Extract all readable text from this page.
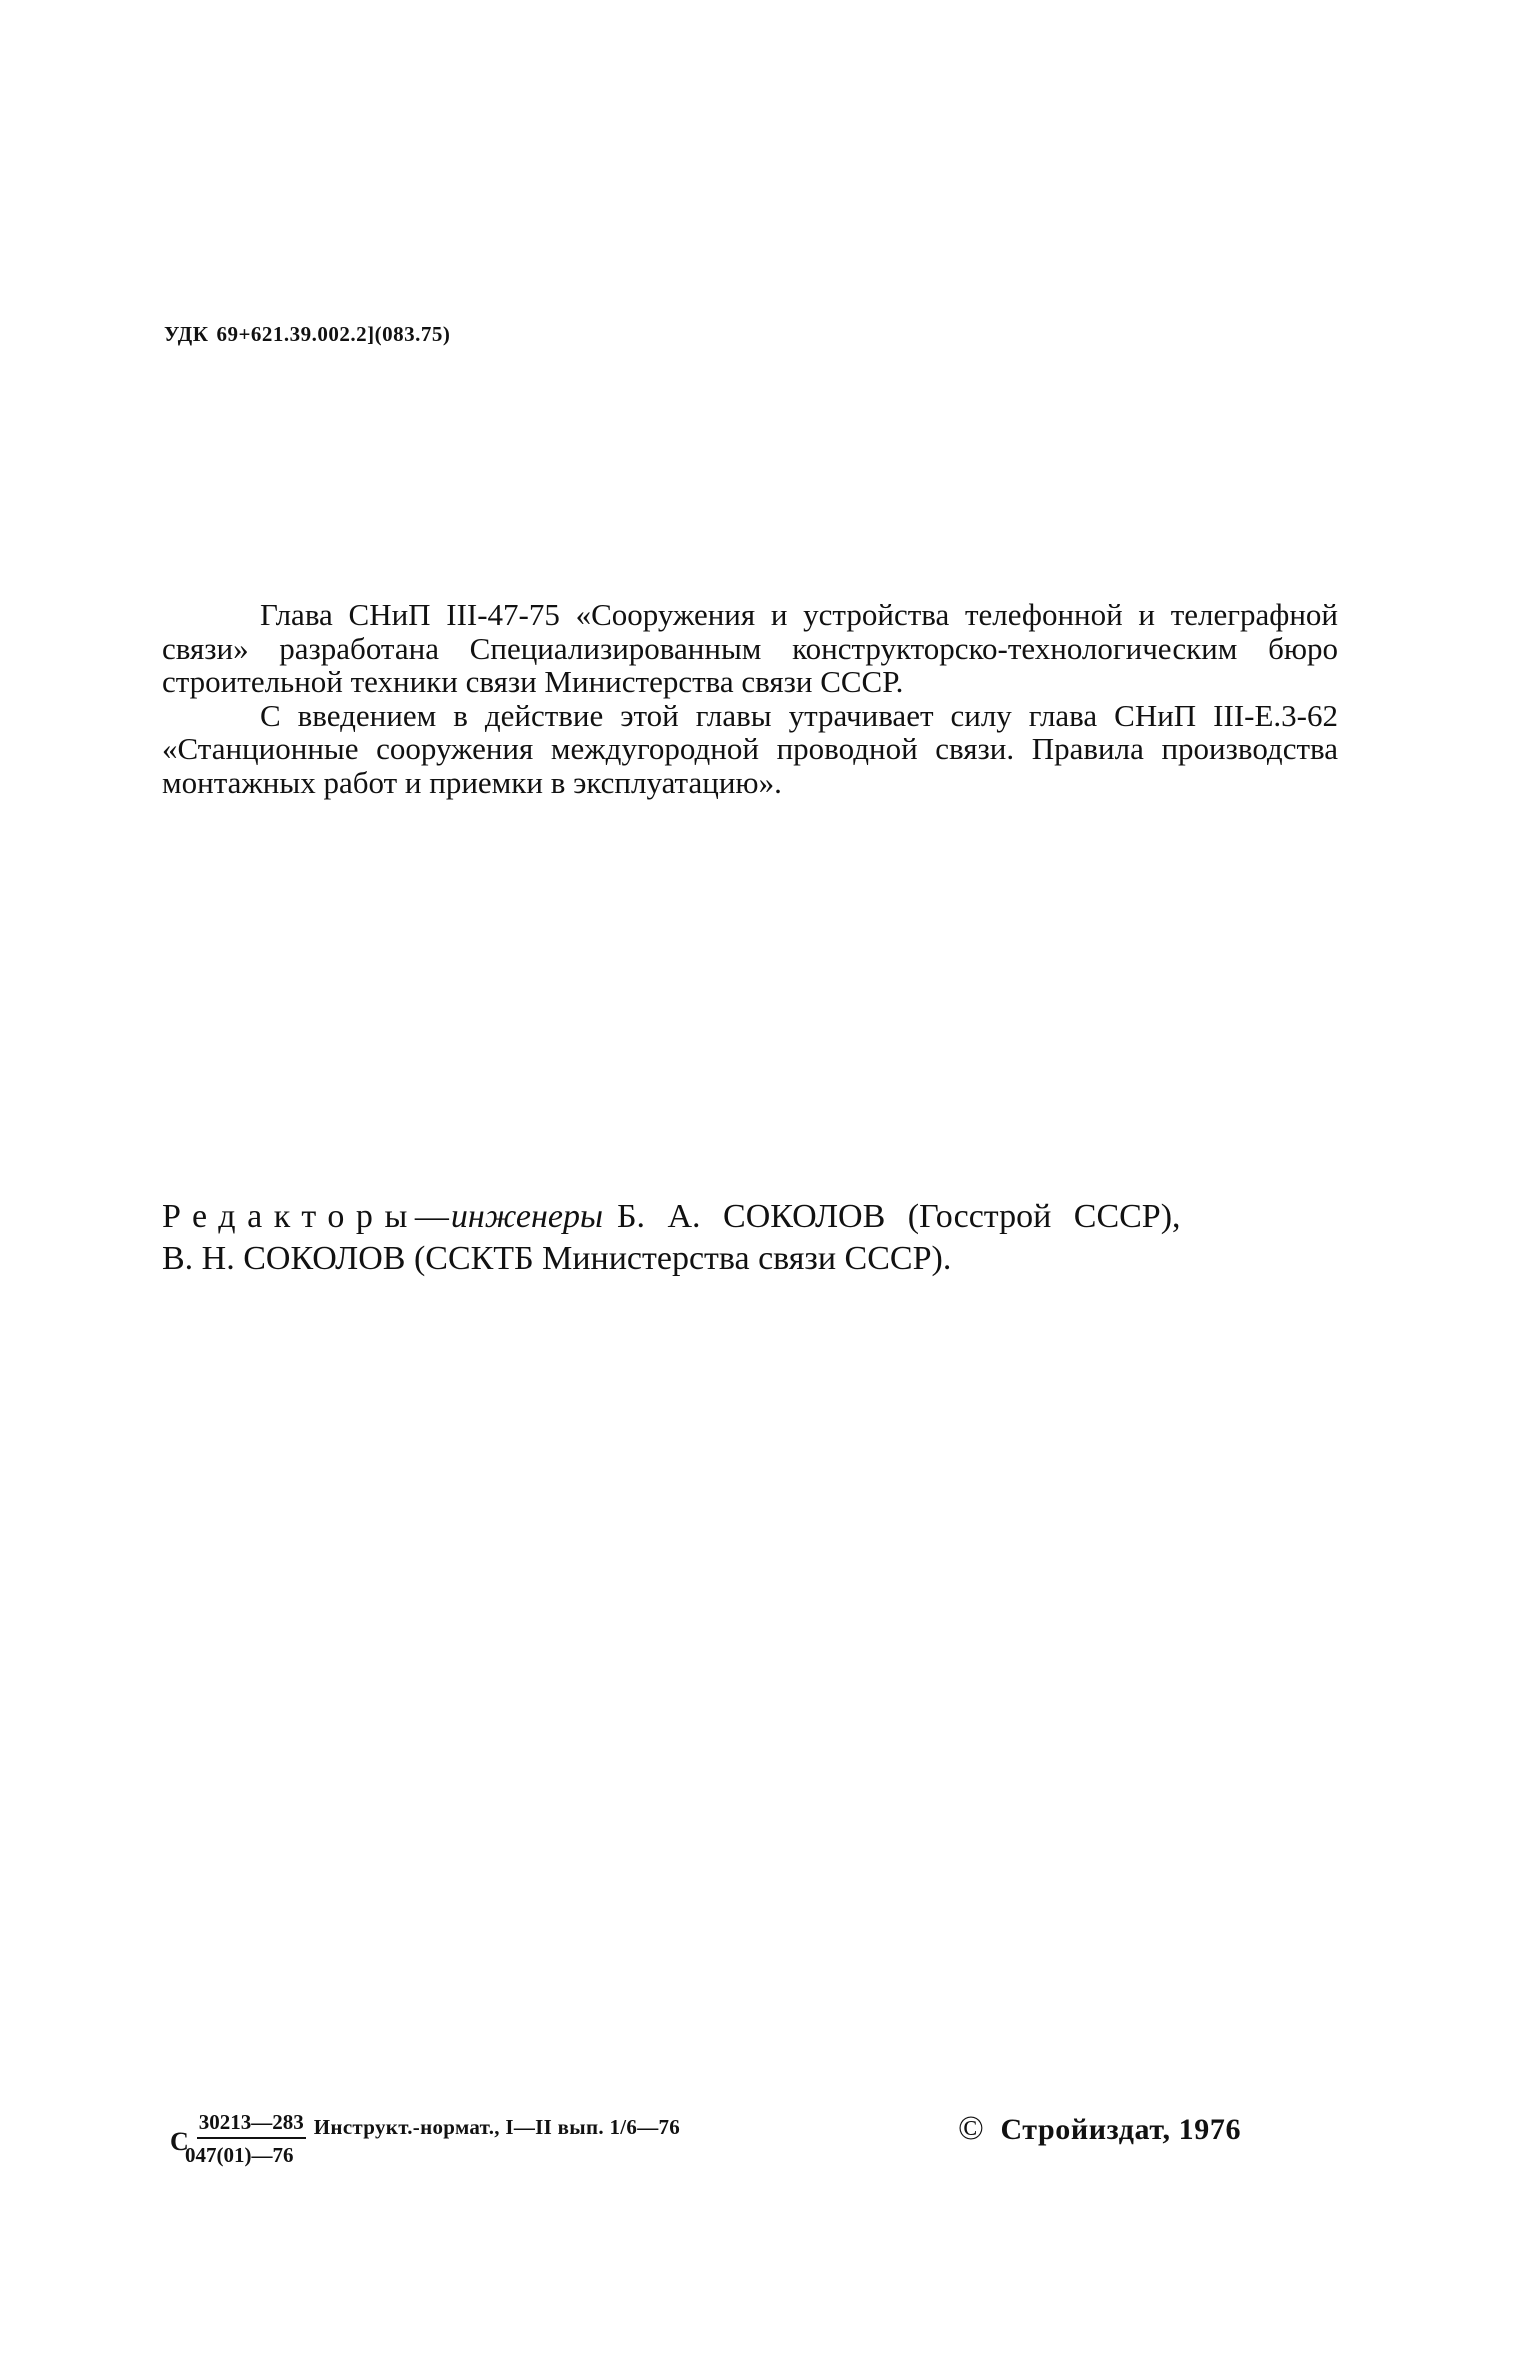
УДК 69+621.39.002.2](083.75)

Глава СНиП III-47-75 «Сооружения и устройства телефонной и телеграфной связи» разработана Специализированным конструкторско-технологическим бюро строительной техники связи Министерства связи СССР.

С введением в действие этой главы утрачивает силу глава СНиП III-Е.3-62 «Станционные сооружения междугородной проводной связи. Правила производства монтажных работ и приемки в эксплуатацию».

Редакторы—инженеры Б. А. СОКОЛОВ (Госстрой СССР),
В. Н. СОКОЛОВ (ССКТБ Министерства связи СССР).
С $\frac{30213—283}{047(01)—76}$ Инструкт.-нормат., I—II вып. 1/6—76	© Стройиздат, 1976
